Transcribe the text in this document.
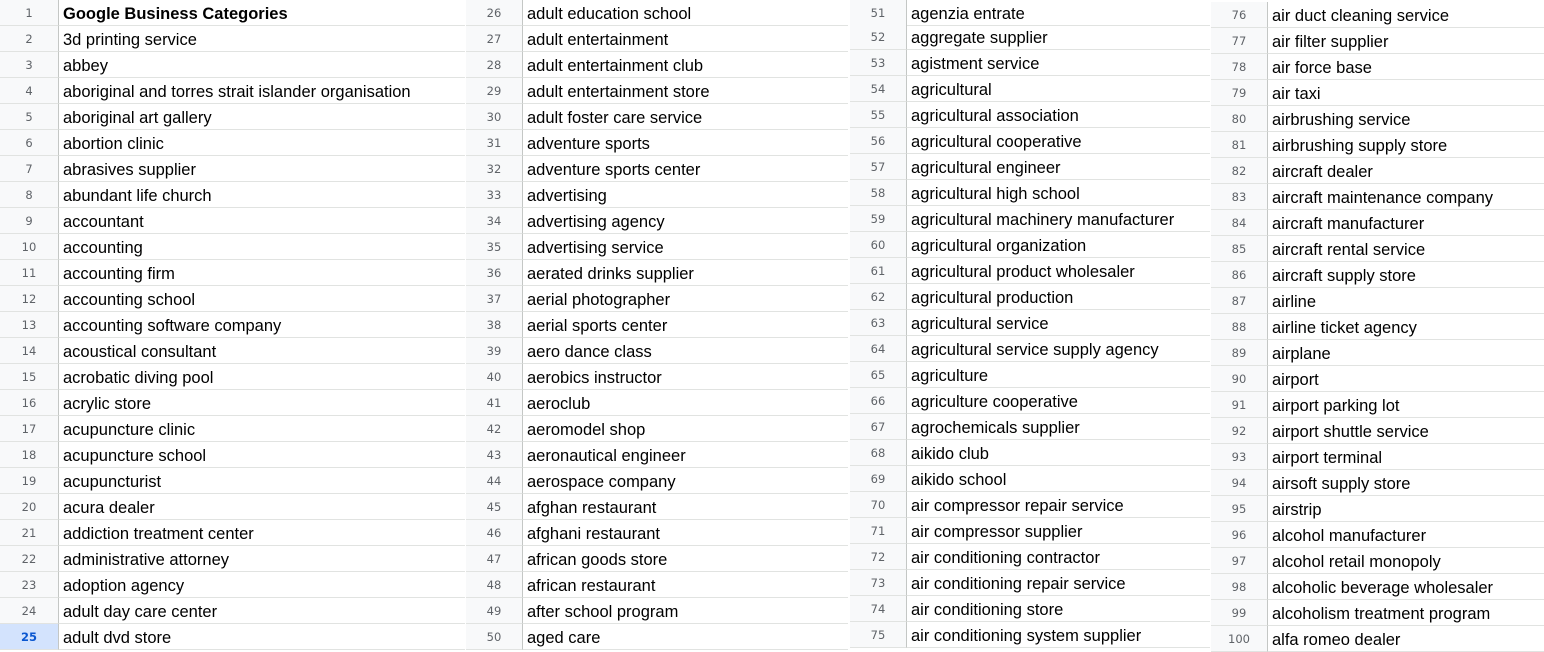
1	Google Business Categories
2	3d printing service
3	abbey
4	aboriginal and torres strait islander organisation
5	aboriginal art gallery
6	abortion clinic
7	abrasives supplier
8	abundant life church
9	accountant
10	accounting
11	accounting firm
12	accounting school
13	accounting software company
14	acoustical consultant
15	acrobatic diving pool
16	acrylic store
17	acupuncture clinic
18	acupuncture school
19	acupuncturist
20	acura dealer
21	addiction treatment center
22	administrative attorney
23	adoption agency
24	adult day care center
25	adult dvd store
26	adult education school
27	adult entertainment
28	adult entertainment club
29	adult entertainment store
30	adult foster care service
31	adventure sports
32	adventure sports center
33	advertising
34	advertising agency
35	advertising service
36	aerated drinks supplier
37	aerial photographer
38	aerial sports center
39	aero dance class
40	aerobics instructor
41	aeroclub
42	aeromodel shop
43	aeronautical engineer
44	aerospace company
45	afghan restaurant
46	afghani restaurant
47	african goods store
48	african restaurant
49	after school program
50	aged care
51	agenzia entrate
52	aggregate supplier
53	agistment service
54	agricultural
55	agricultural association
56	agricultural cooperative
57	agricultural engineer
58	agricultural high school
59	agricultural machinery manufacturer
60	agricultural organization
61	agricultural product wholesaler
62	agricultural production
63	agricultural service
64	agricultural service supply agency
65	agriculture
66	agriculture cooperative
67	agrochemicals supplier
68	aikido club
69	aikido school
70	air compressor repair service
71	air compressor supplier
72	air conditioning contractor
73	air conditioning repair service
74	air conditioning store
75	air conditioning system supplier
76	air duct cleaning service
77	air filter supplier
78	air force base
79	air taxi
80	airbrushing service
81	airbrushing supply store
82	aircraft dealer
83	aircraft maintenance company
84	aircraft manufacturer
85	aircraft rental service
86	aircraft supply store
87	airline
88	airline ticket agency
89	airplane
90	airport
91	airport parking lot
92	airport shuttle service
93	airport terminal
94	airsoft supply store
95	airstrip
96	alcohol manufacturer
97	alcohol retail monopoly
98	alcoholic beverage wholesaler
99	alcoholism treatment program
100	alfa romeo dealer
